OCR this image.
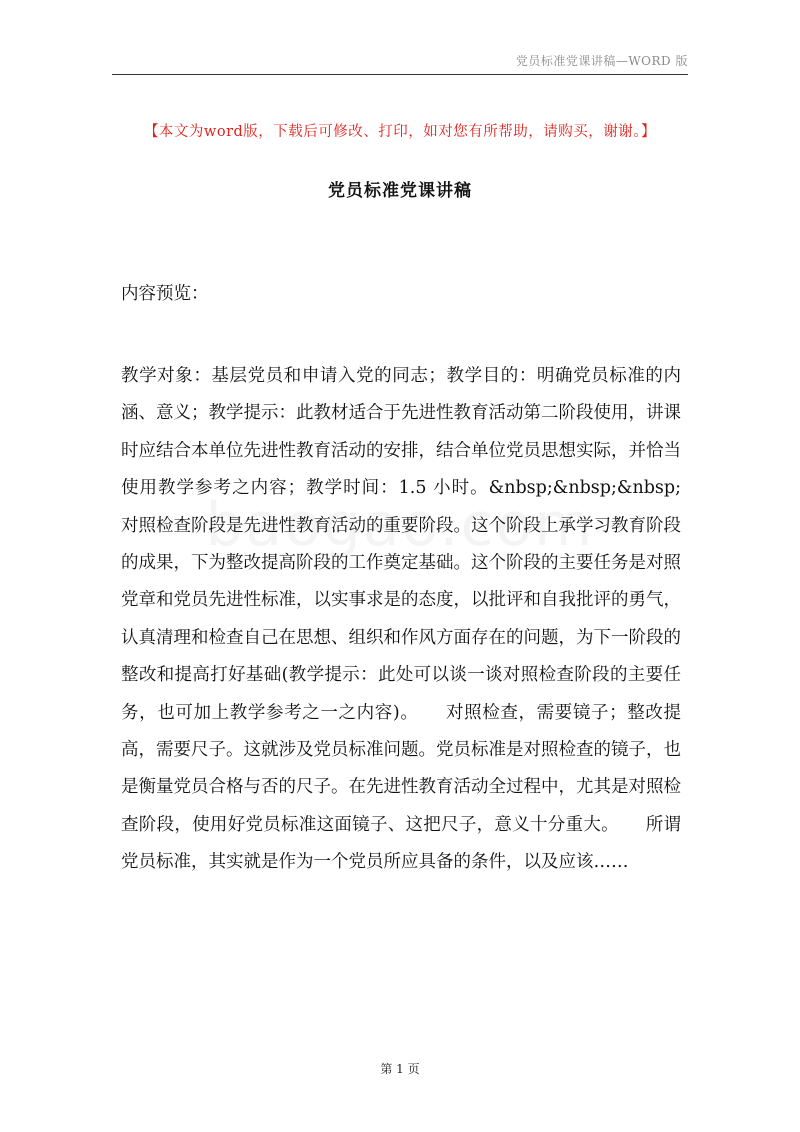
党员标准党课讲稿—WORD 版
【本文为word版，下载后可修改、打印，如对您有所帮助，请购买，谢谢。】
党员标准党课讲稿
内容预览：
教学对象：基层党员和申请入党的同志；教学目的：明确党员标准的内涵、意义；教学提示：此教材适合于先进性教育活动第二阶段使用，讲课时应结合本单位先进性教育活动的安排，结合单位党员思想实际，并恰当使用教学参考之内容；教学时间：1.5 小时。&nbsp;&nbsp;&nbsp; 对照检查阶段是先进性教育活动的重要阶段。这个阶段上承学习教育阶段的成果，下为整改提高阶段的工作奠定基础。这个阶段的主要任务是对照党章和党员先进性标准，以实事求是的态度，以批评和自我批评的勇气，认真清理和检查自己在思想、组织和作风方面存在的问题，为下一阶段的整改和提高打好基础(教学提示：此处可以谈一谈对照检查阶段的主要任务，也可加上教学参考之一之内容)。　　对照检查，需要镜子；整改提高，需要尺子。这就涉及党员标准问题。党员标准是对照检查的镜子，也是衡量党员合格与否的尺子。在先进性教育活动全过程中，尤其是对照检查阶段，使用好党员标准这面镜子、这把尺子，意义十分重大。　　所谓党员标准，其实就是作为一个党员所应具备的条件，以及应该……
第 1 页
